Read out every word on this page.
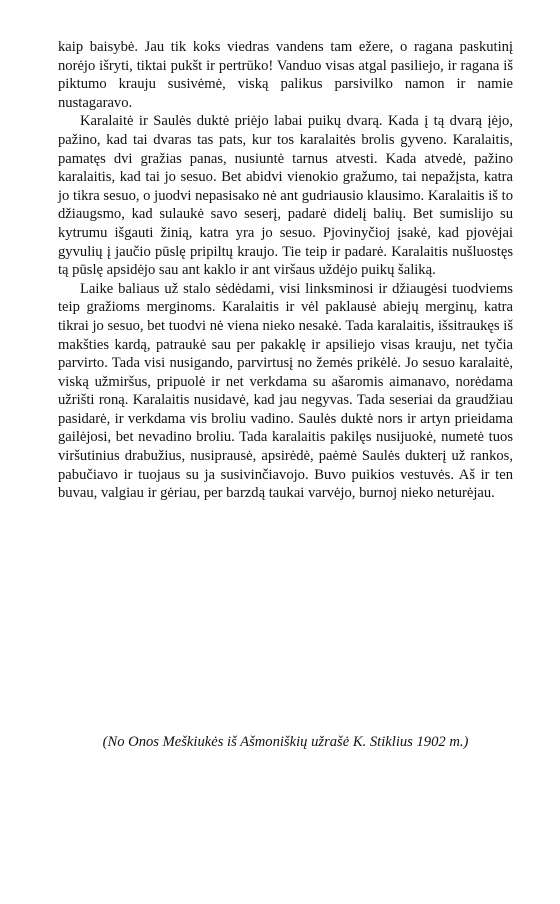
kaip baisybė. Jau tik koks viedras vandens tam ežere, o ragana paskutinį norėjo išryti, tiktai pukšt ir pertrūko! Vanduo visas atgal pasiliejo, ir ragana iš piktumo krauju susivėmė, viską palikus parsivilko namon ir namie nustagaravo.

Karalaitė ir Saulės duktė priėjo labai puikų dvarą. Kada į tą dvarą įėjo, pažino, kad tai dvaras tas pats, kur tos karalaitės brolis gyveno. Karalaitis, pamatęs dvi gražias panas, nusiuntė tarnus atvesti. Kada atvedė, pažino karalaitis, kad tai jo sesuo. Bet abidvi vienokio gražumo, tai nepažįsta, katra jo tikra sesuo, o juodvi nepasisako nė ant gudriausio klausimo. Karalaitis iš to džiaugsmo, kad sulaukė savo seserį, padarė didelį balių. Bet sumislijo su kytrumu išgauti žinią, katra yra jo sesuo. Pjovinyčioj įsakė, kad pjovėjai gyvulių į jaučio pūslę pripiltų kraujo. Tie teip ir padarė. Karalaitis nušluostęs tą pūslę apsidėjo sau ant kaklo ir ant viršaus uždėjo puikų šaliką.

Laike baliaus už stalo sėdėdami, visi linksminosi ir džiaugėsi tuodviems teip gražioms merginoms. Karalaitis ir vėl paklausė abiejų merginų, katra tikrai jo sesuo, bet tuodvi nė viena nieko nesakė. Tada karalaitis, išsitraukęs iš makšties kardą, patraukė sau per pakaklę ir apsiliejo visas krauju, net tyčia parvirto. Tada visi nusigando, parvirtusį no žemės prikėlė. Jo sesuo karalaitė, viską užmiršus, pripuolė ir net verkdama su ašaromis aimanavo, norėdama užrišti roną. Karalaitis nusidavė, kad jau negyvas. Tada seseriai da graudžiau pasidarė, ir verkdama vis broliu vadino. Saulės duktė nors ir artyn prieidama gailėjosi, bet nevadino broliu. Tada karalaitis pakilęs nusijuokė, numetė tuos viršutinius drabužius, nusiprausė, apsirėdė, paėmė Saulės dukterį už rankos, pabučiavo ir tuojaus su ja susivinčiavojo. Buvo puikios vestuvės. Aš ir ten buvau, valgiau ir gėriau, per barzdą taukai varvėjo, burnoj nieko neturėjau.

(No Onos Meškiukės iš Ašmoniškių užrašė K. Stiklius 1902 m.)
